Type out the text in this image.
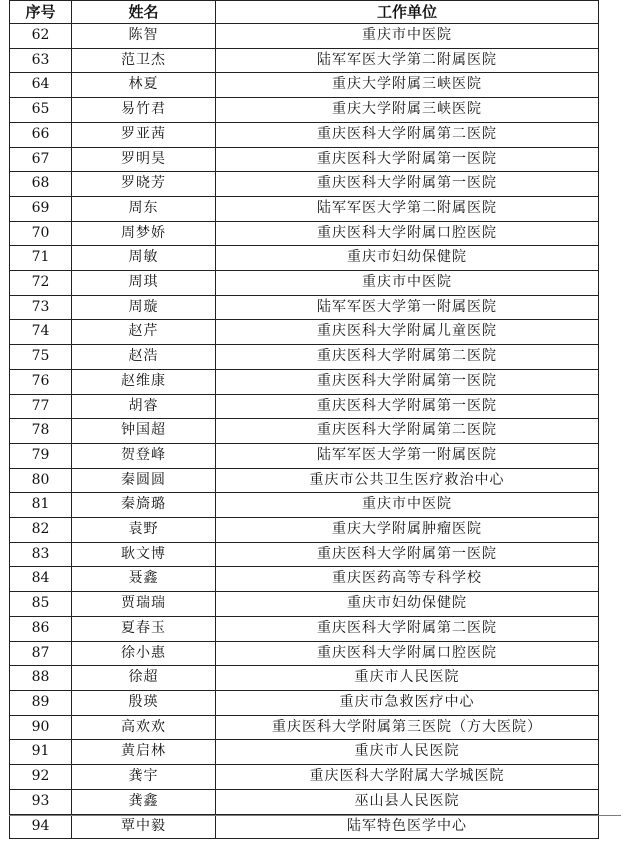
序号	姓名	工作单位
62	陈智	重庆市中医院
63	范卫杰	陆军军医大学第二附属医院
64	林夏	重庆大学附属三峡医院
65	易竹君	重庆大学附属三峡医院
66	罗亚茜	重庆医科大学附属第二医院
67	罗明昊	重庆医科大学附属第一医院
68	罗晓芳	重庆医科大学附属第一医院
69	周东	陆军军医大学第二附属医院
70	周梦娇	重庆医科大学附属口腔医院
71	周敏	重庆市妇幼保健院
72	周琪	重庆市中医院
73	周璇	陆军军医大学第一附属医院
74	赵芹	重庆医科大学附属儿童医院
75	赵浩	重庆医科大学附属第二医院
76	赵维康	重庆医科大学附属第一医院
77	胡睿	重庆医科大学附属第一医院
78	钟国超	重庆医科大学附属第二医院
79	贺登峰	陆军军医大学第一附属医院
80	秦圆圆	重庆市公共卫生医疗救治中心
81	秦旖璐	重庆市中医院
82	袁野	重庆大学附属肿瘤医院
83	耿文博	重庆医科大学附属第一医院
84	聂鑫	重庆医药高等专科学校
85	贾瑞瑞	重庆市妇幼保健院
86	夏春玉	重庆医科大学附属第二医院
87	徐小惠	重庆医科大学附属口腔医院
88	徐超	重庆市人民医院
89	殷瑛	重庆市急救医疗中心
90	高欢欢	重庆医科大学附属第三医院（方大医院）
91	黄启林	重庆市人民医院
92	龚宇	重庆医科大学附属大学城医院
93	龚鑫	巫山县人民医院
94	覃中毅	陆军特色医学中心
